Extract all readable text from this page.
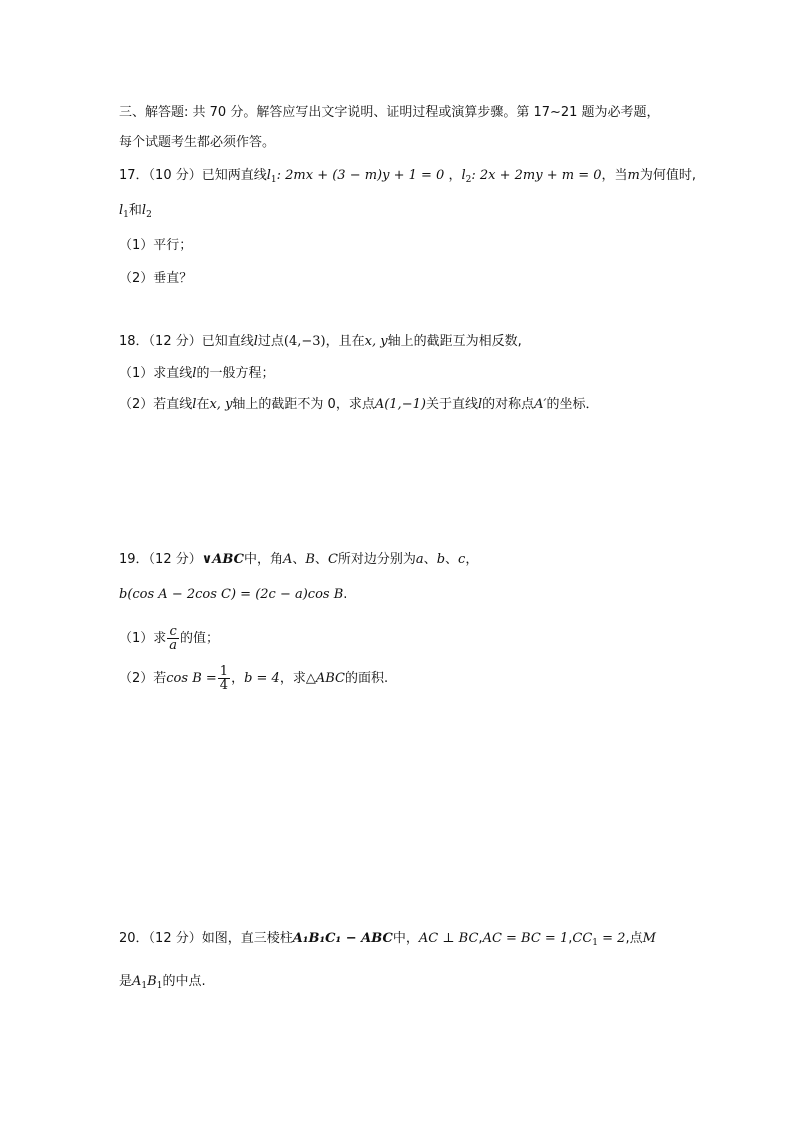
三、解答题: 共 70 分。解答应写出文字说明、证明过程或演算步骤。第 17~21 题为必考题，
每个试题考生都必须作答。
17．（10 分）已知两直线$l_1$: 2mx + (3 − m)y + 1 = 0 ，$l_2$: 2x + 2my + m = 0，当m为何值时,
$l_1$和$l_2$
（1）平行；
（2）垂直？
18．（12 分）已知直线l过点(4,−3)，且在x, y轴上的截距互为相反数,
（1）求直线l的一般方程；
（2）若直线l在x, y轴上的截距不为 0，求点A(1,−1)关于直线l的对称点A′的坐标．
19．（12 分）∨ABC中，角A、B、C所对边分别为a、b、c，
b(cos A − 2cos C) = (2c − a)cos B.
（1）求 $\frac{c}{a}$ 的值；
（2）若$\cos B = \frac{1}{4}$ ，b = 4，求△ABC的面积.
20．（12 分）如图，直三棱柱A₁B₁C₁ − ABC中，AC ⊥ BC,AC = BC = $1,CC_1 = 2$,点M
是$A_1B_1$的中点.
